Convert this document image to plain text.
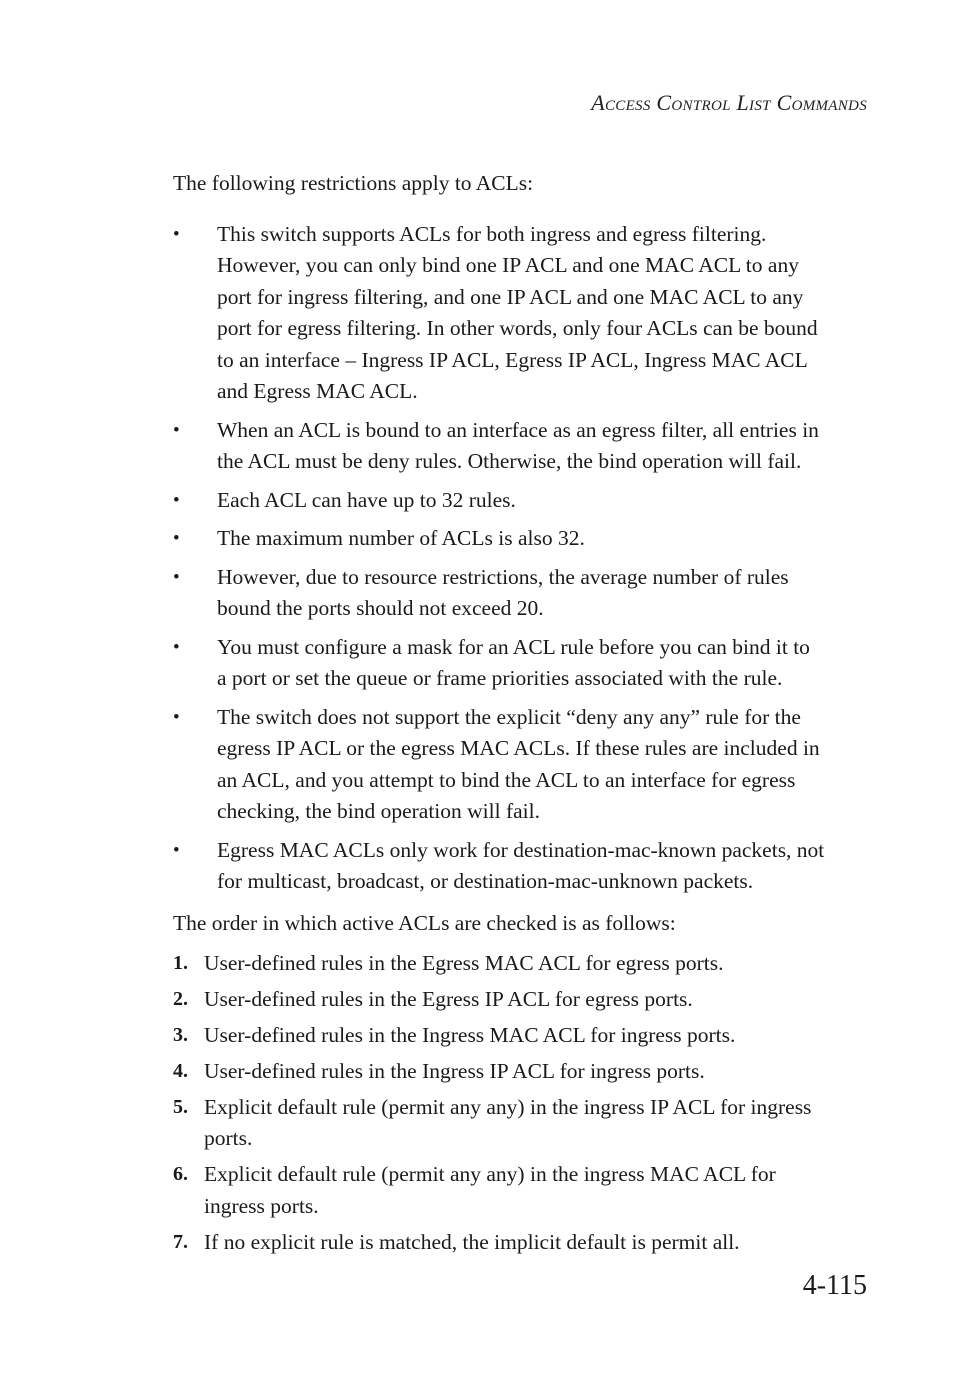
Access Control List Commands

The following restrictions apply to ACLs:

• This switch supports ACLs for both ingress and egress filtering.
However, you can only bind one IP ACL and one MAC ACL to any
port for ingress filtering, and one IP ACL and one MAC ACL to any
port for egress filtering. In other words, only four ACLs can be bound
to an interface – Ingress IP ACL, Egress IP ACL, Ingress MAC ACL
and Egress MAC ACL.
• When an ACL is bound to an interface as an egress filter, all entries in
the ACL must be deny rules. Otherwise, the bind operation will fail.
• Each ACL can have up to 32 rules.
• The maximum number of ACLs is also 32.
• However, due to resource restrictions, the average number of rules
bound the ports should not exceed 20.
• You must configure a mask for an ACL rule before you can bind it to
a port or set the queue or frame priorities associated with the rule.
• The switch does not support the explicit “deny any any” rule for the
egress IP ACL or the egress MAC ACLs. If these rules are included in
an ACL, and you attempt to bind the ACL to an interface for egress
checking, the bind operation will fail.
• Egress MAC ACLs only work for destination-mac-known packets, not
for multicast, broadcast, or destination-mac-unknown packets.

The order in which active ACLs are checked is as follows:

1. User-defined rules in the Egress MAC ACL for egress ports.
2. User-defined rules in the Egress IP ACL for egress ports.
3. User-defined rules in the Ingress MAC ACL for ingress ports.
4. User-defined rules in the Ingress IP ACL for ingress ports.
5. Explicit default rule (permit any any) in the ingress IP ACL for ingress
ports.
6. Explicit default rule (permit any any) in the ingress MAC ACL for
ingress ports.
7. If no explicit rule is matched, the implicit default is permit all.
4-115
